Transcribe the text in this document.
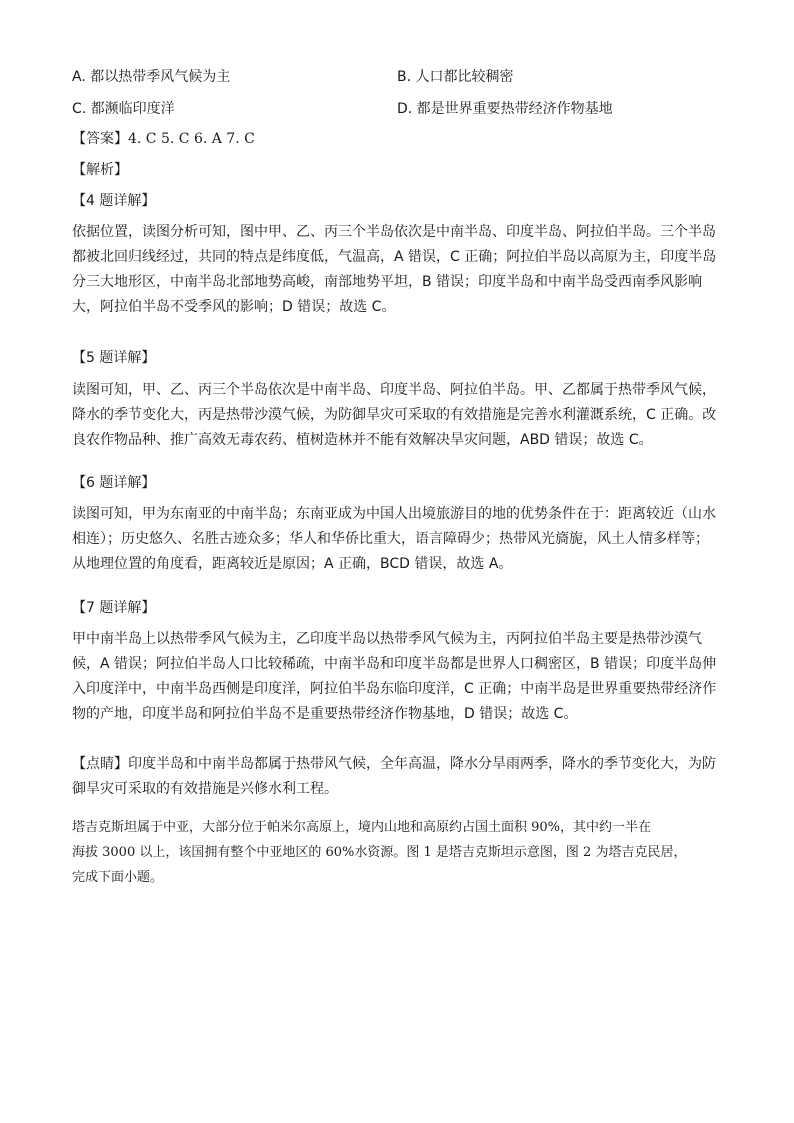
A. 都以热带季风气候为主	B. 人口都比较稠密
C. 都濒临印度洋	D. 都是世界重要热带经济作物基地
【答案】4. C 5. C 6. A 7. C
【解析】
【4 题详解】
依据位置，读图分析可知，图中甲、乙、丙三个半岛依次是中南半岛、印度半岛、阿拉伯半岛。三个半岛
都被北回归线经过，共同的特点是纬度低，气温高，A 错误，C 正确；阿拉伯半岛以高原为主，印度半岛
分三大地形区，中南半岛北部地势高峻，南部地势平坦，B 错误；印度半岛和中南半岛受西南季风影响
大，阿拉伯半岛不受季风的影响；D 错误；故选 C。
【5 题详解】
读图可知，甲、乙、丙三个半岛依次是中南半岛、印度半岛、阿拉伯半岛。甲、乙都属于热带季风气候，
降水的季节变化大，丙是热带沙漠气候，为防御旱灾可采取的有效措施是完善水利灌溉系统，C 正确。改
良农作物品种、推广高效无毒农药、植树造林并不能有效解决旱灾问题，ABD 错误；故选 C。
【6 题详解】
读图可知，甲为东南亚的中南半岛；东南亚成为中国人出境旅游目的地的优势条件在于：距离较近（山水
相连）；历史悠久、名胜古迹众多；华人和华侨比重大，语言障碍少；热带风光旖旎，风土人情多样等；
从地理位置的角度看，距离较近是原因；A 正确，BCD 错误，故选 A。
【7 题详解】
甲中南半岛上以热带季风气候为主，乙印度半岛以热带季风气候为主，丙阿拉伯半岛主要是热带沙漠气
候，A 错误；阿拉伯半岛人口比较稀疏，中南半岛和印度半岛都是世界人口稠密区，B 错误；印度半岛伸
入印度洋中，中南半岛西侧是印度洋，阿拉伯半岛东临印度洋，C 正确；中南半岛是世界重要热带经济作
物的产地，印度半岛和阿拉伯半岛不是重要热带经济作物基地，D 错误；故选 C。
【点睛】印度半岛和中南半岛都属于热带风气候，全年高温，降水分旱雨两季，降水的季节变化大，为防
御旱灾可采取的有效措施是兴修水利工程。
塔吉克斯坦属于中亚，大部分位于帕米尔高原上，境内山地和高原约占国土面积 90%，其中约一半在
海拔 3000 以上，该国拥有整个中亚地区的 60%水资源。图 1 是塔吉克斯坦示意图，图 2 为塔吉克民居，
完成下面小题。
